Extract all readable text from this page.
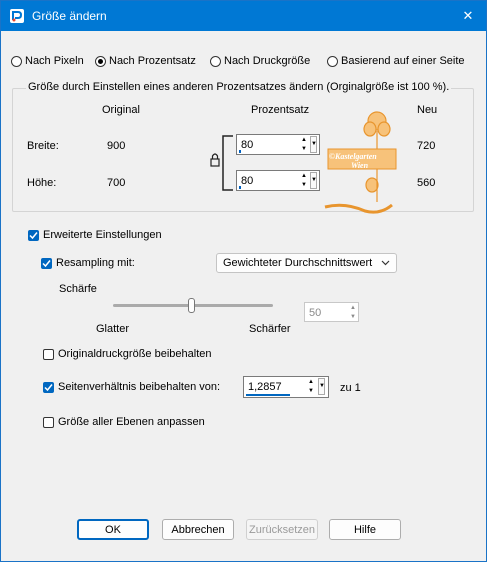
Größe ändern	✕
Nach Pixeln Nach Prozentsatz	Nach Druckgröße	Basierend auf einer Seite
Größe durch Einstellen eines anderen Prozentsatzes ändern (Orginalgröße ist 100 %).
Original	Prozentsatz	Neu
Breite:	900	720
Höhe:	700	560
80	▲
▼
▼
80	▲
▼
▼
©Kastelgarten
Wien
Erweiterte Einstellungen
Resampling mit:	Gewichteter Durchschnittswert
Schärfe
Glatter	Schärfer
50	▲
▼
Originaldruckgröße beibehalten
Seitenverhältnis beibehalten von:	1,2857	▲
▼
▼ zu 1
Größe aller Ebenen anpassen
OK	Abbrechen Zurücksetzen	Hilfe
